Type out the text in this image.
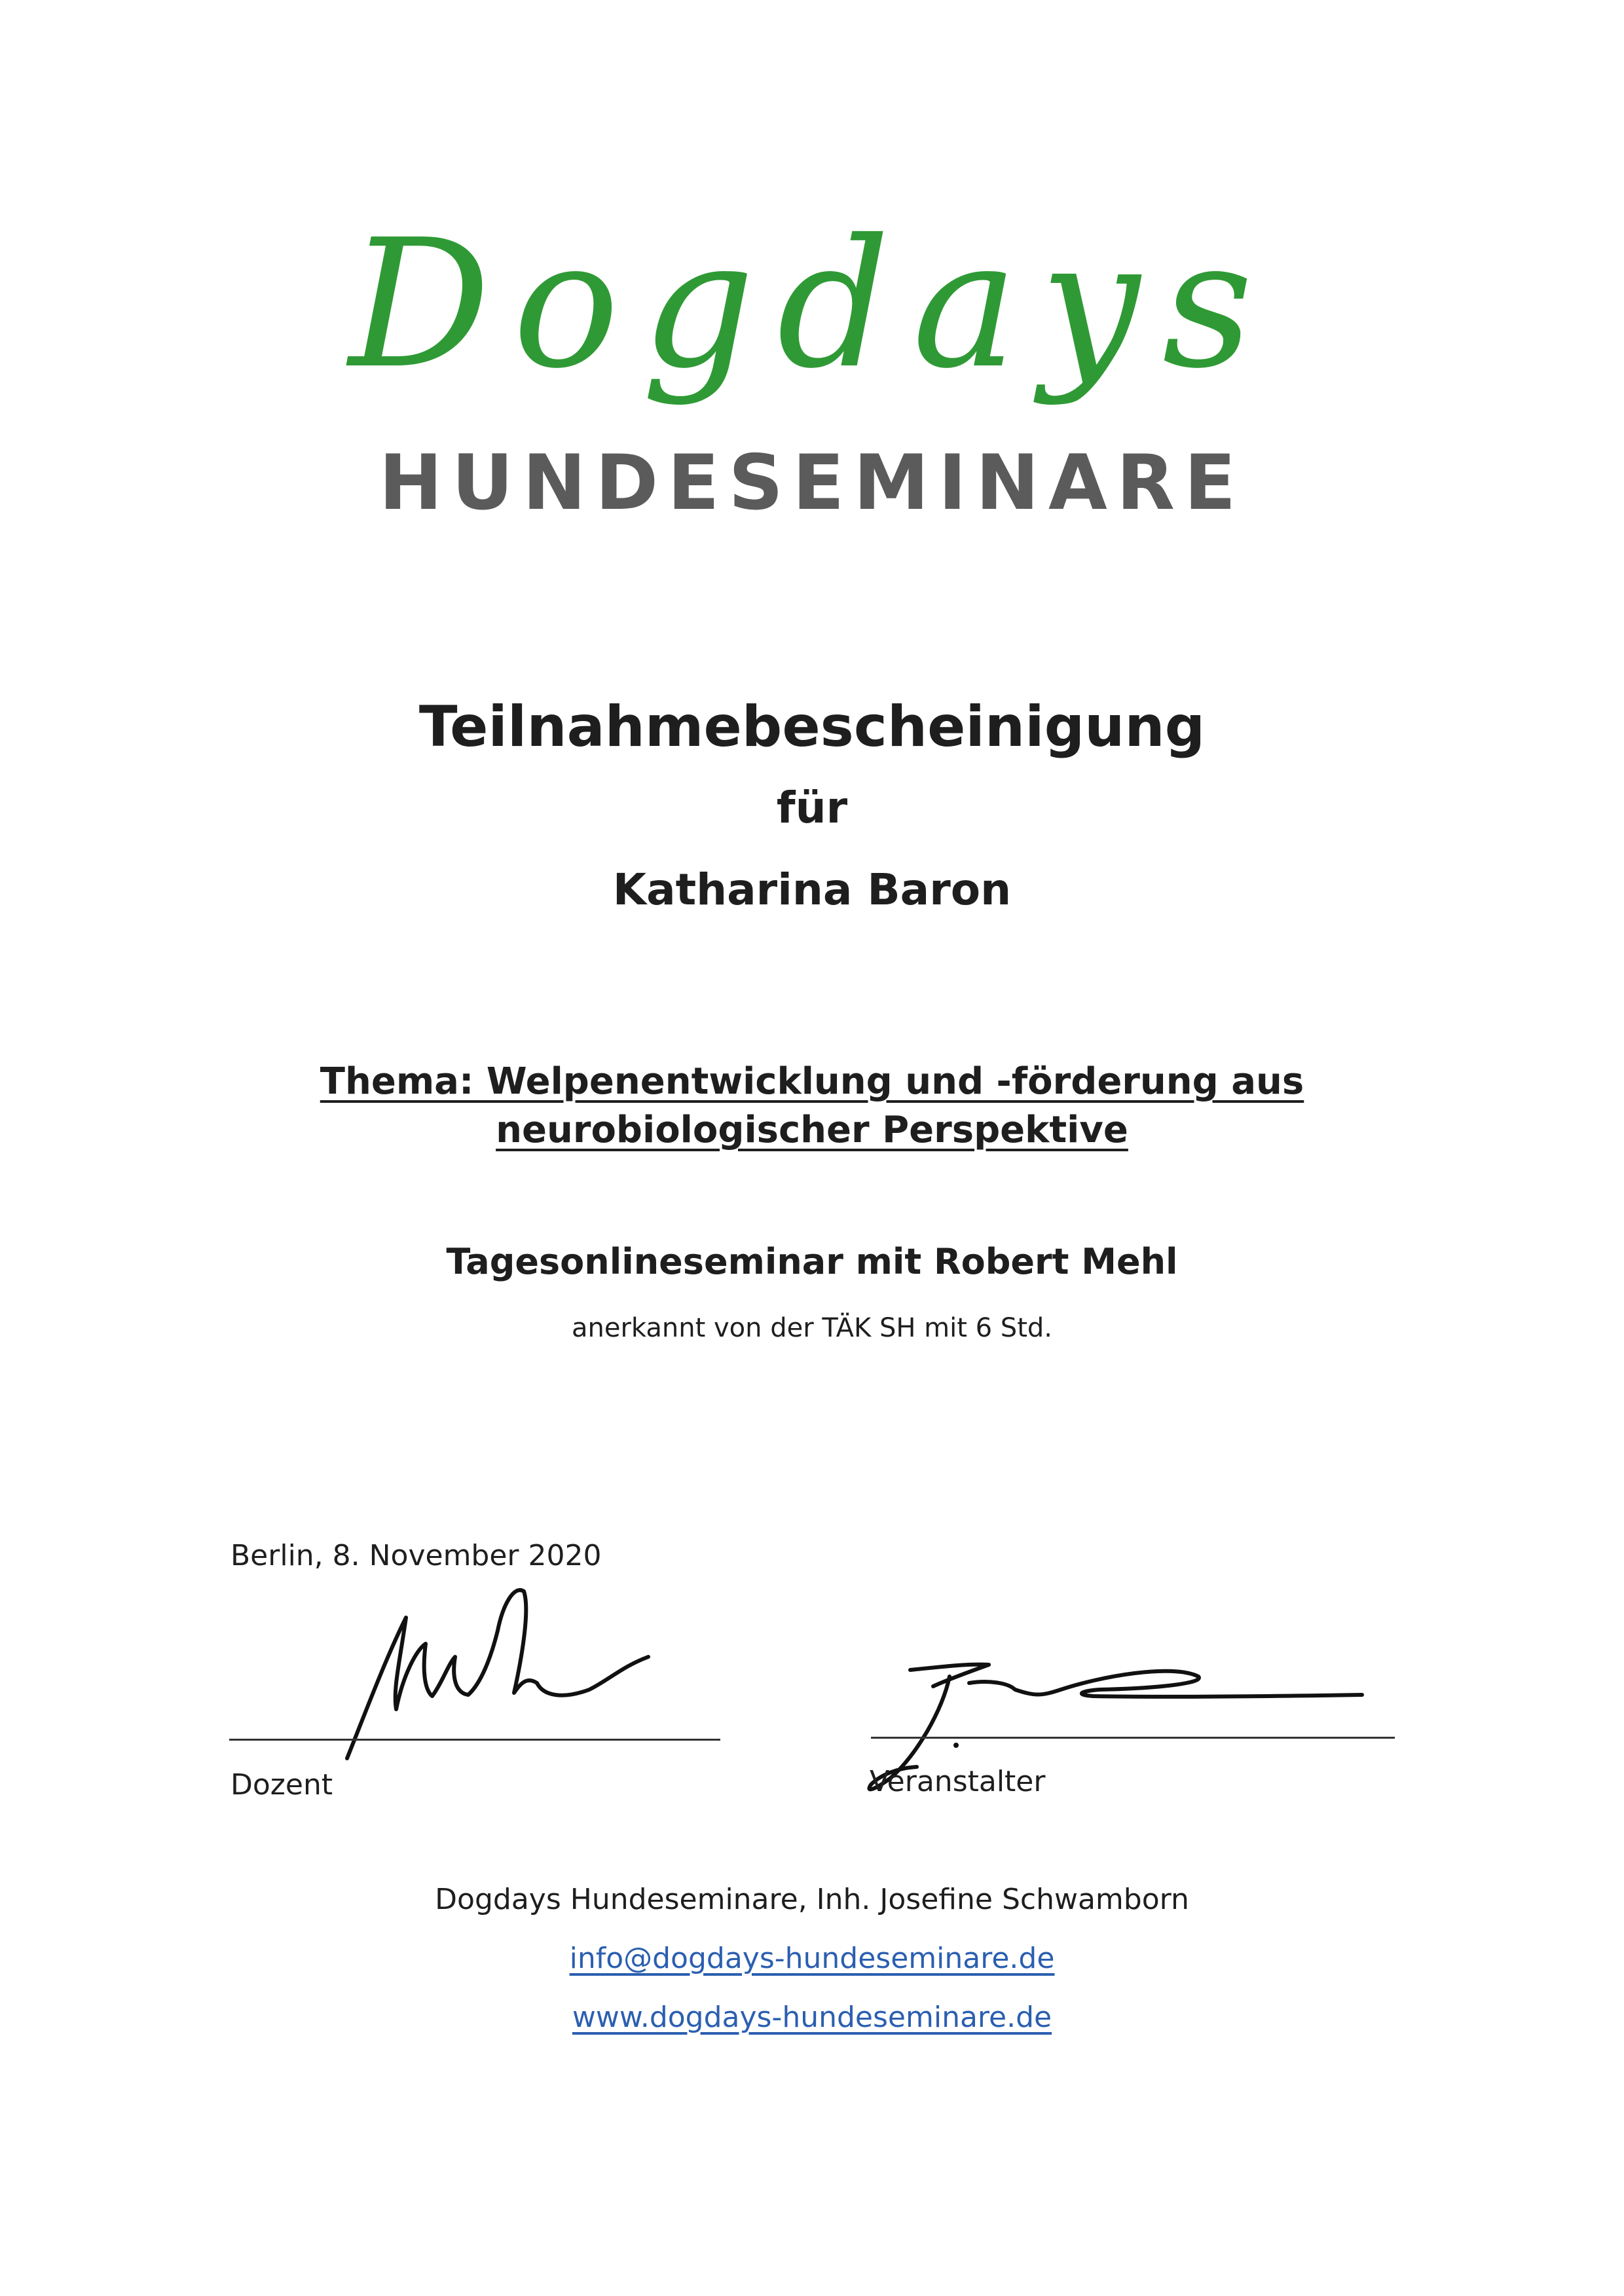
Dogdays
HUNDESEMINARE
Teilnahmebescheinigung
für
Katharina Baron
Thema: Welpenentwicklung und -förderung aus
neurobiologischer Perspektive
Tagesonlineseminar mit Robert Mehl
anerkannt von der TÄK SH mit 6 Std.
Berlin, 8. November 2020
Dozent	Veranstalter
Dogdays Hundeseminare, Inh. Josefine Schwamborn
info@dogdays-hundeseminare.de
www.dogdays-hundeseminare.de
